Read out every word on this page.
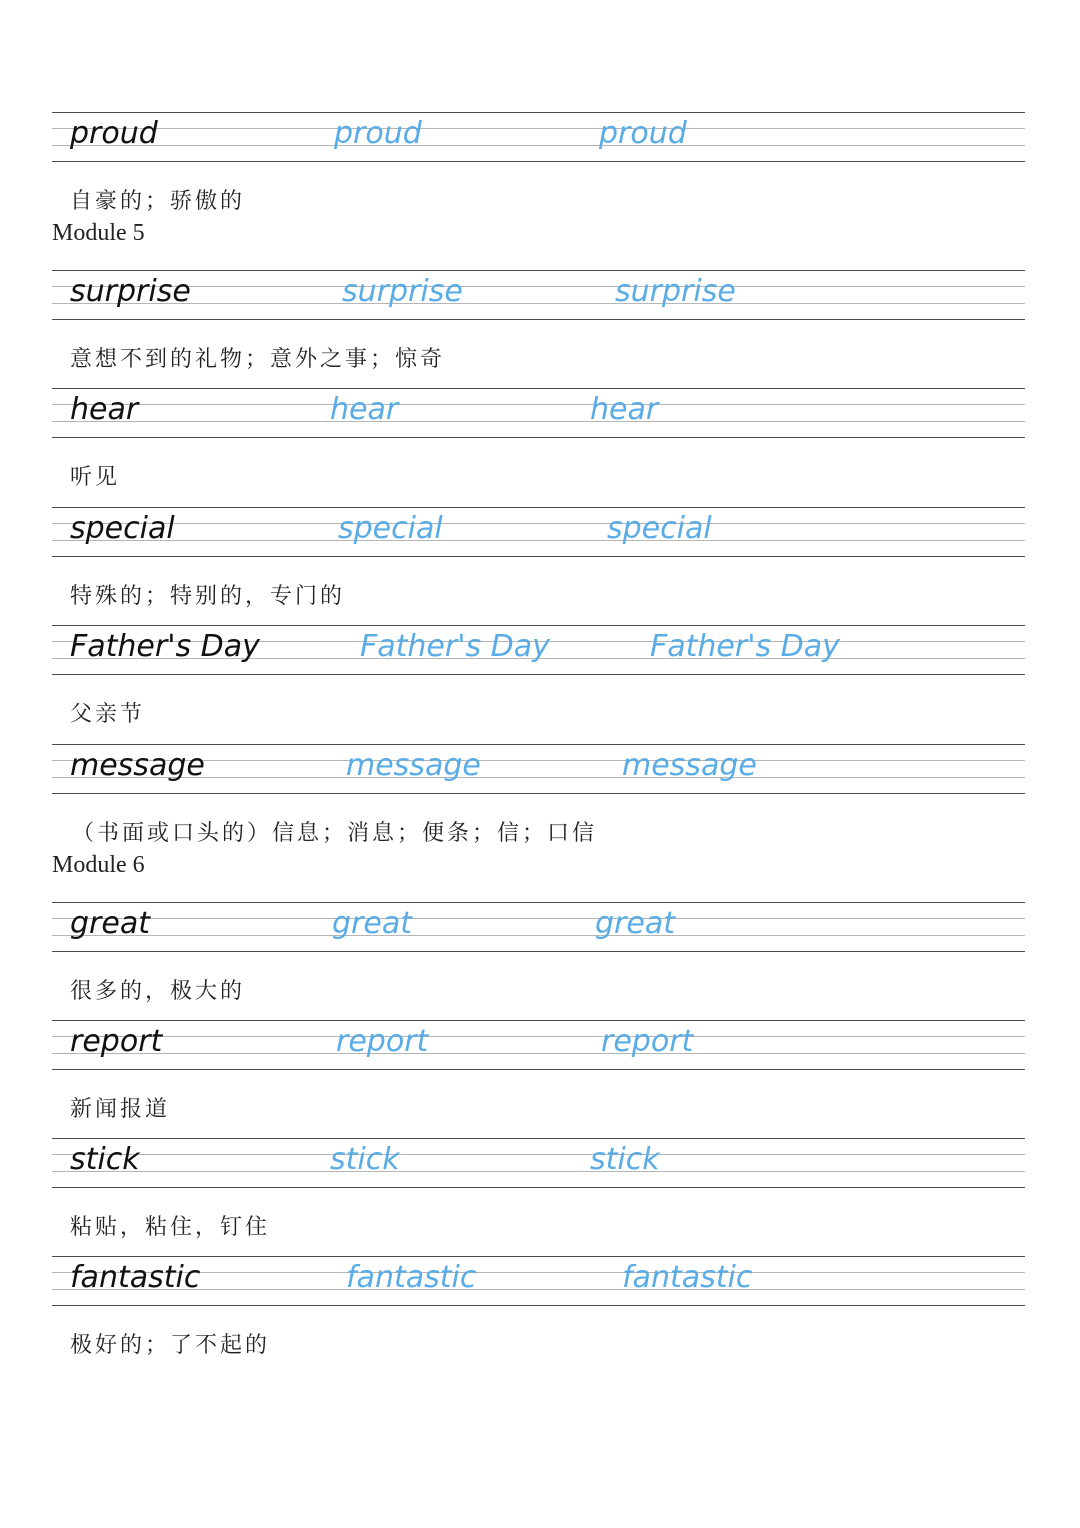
proud	proud	proud
自豪的；骄傲的
Module 5
surprise	surprise	surprise
意想不到的礼物；意外之事；惊奇
hear	hear	hear
听见
special	special	special
特殊的；特别的，专门的
Father's Day	Father's Day	Father's Day
父亲节
message	message	message
（书面或口头的）信息；消息；便条；信；口信
Module 6
great	great	great
很多的，极大的
report	report	report
新闻报道
stick	stick	stick
粘贴，粘住，钉住
fantastic	fantastic	fantastic
极好的；了不起的
